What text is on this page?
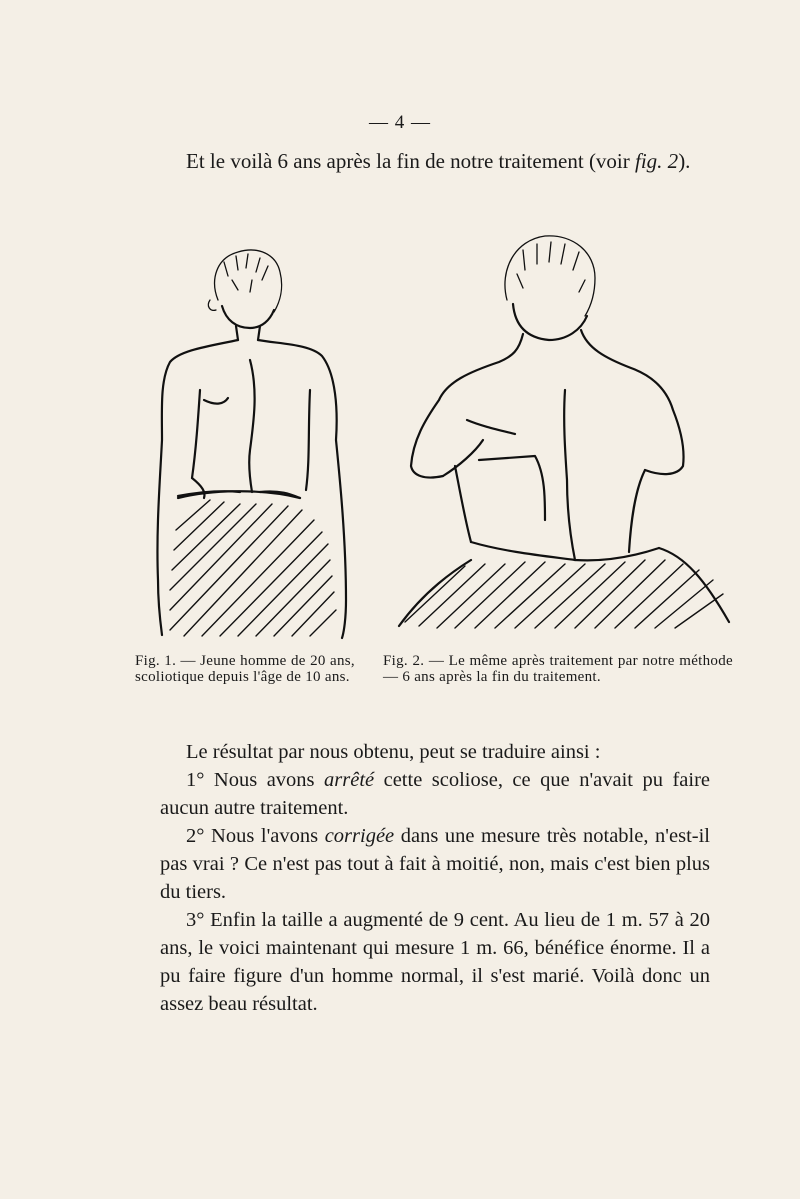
— 4 —

Et le voilà 6 ans après la fin de notre traitement (voir fig. 2).

Fig. 1. — Jeune homme de 20 ans, scoliotique depuis l'âge de 10 ans.
Fig. 2. — Le même après traitement par notre méthode — 6 ans après la fin du traitement.

Le résultat par nous obtenu, peut se traduire ainsi :

1° Nous avons arrêté cette scoliose, ce que n'avait pu faire aucun autre traitement.

2° Nous l'avons corrigée dans une mesure très notable, n'est-il pas vrai ? Ce n'est pas tout à fait à moitié, non, mais c'est bien plus du tiers.

3° Enfin la taille a augmenté de 9 cent. Au lieu de 1 m. 57 à 20 ans, le voici maintenant qui mesure 1 m. 66, bénéfice énorme. Il a pu faire figure d'un homme normal, il s'est marié. Voilà donc un assez beau résultat.
